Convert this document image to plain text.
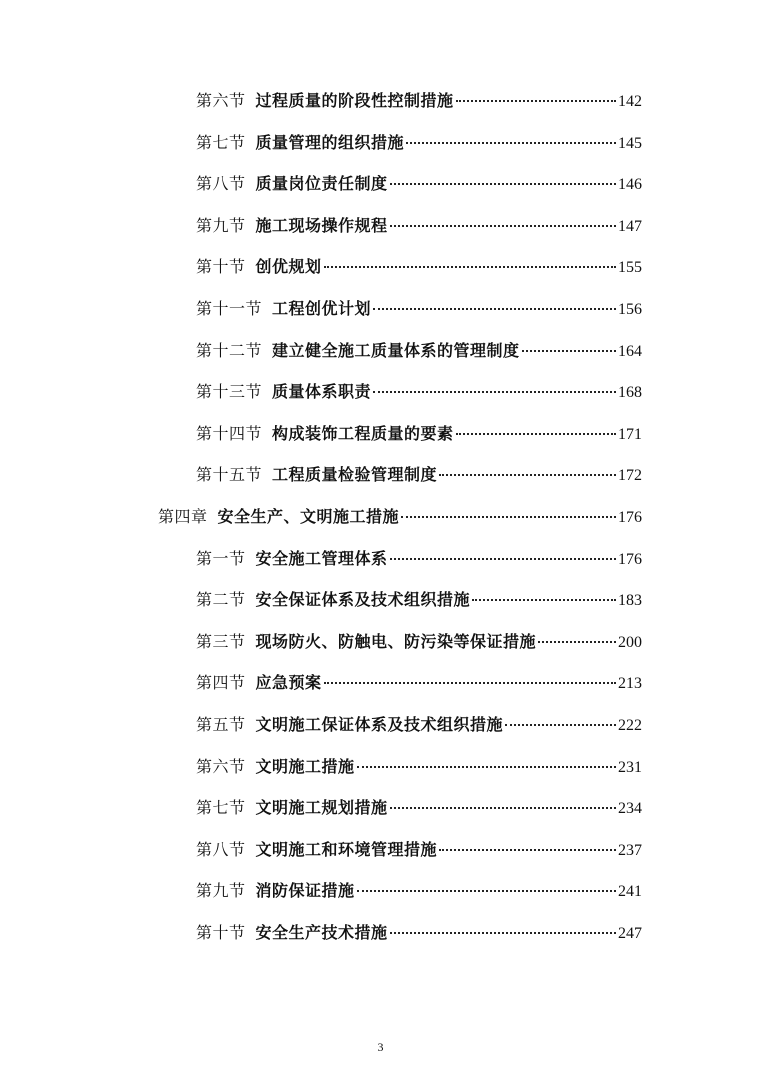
第六节 过程质量的阶段性控制措施	142
第七节 质量管理的组织措施	145
第八节 质量岗位责任制度	146
第九节 施工现场操作规程	147
第十节 创优规划	155
第十一节 工程创优计划	156
第十二节 建立健全施工质量体系的管理制度	164
第十三节 质量体系职责	168
第十四节 构成装饰工程质量的要素	171
第十五节 工程质量检验管理制度	172
第四章 安全生产、文明施工措施	176
第一节 安全施工管理体系	176
第二节 安全保证体系及技术组织措施	183
第三节 现场防火、防触电、防污染等保证措施	200
第四节 应急预案	213
第五节 文明施工保证体系及技术组织措施	222
第六节 文明施工措施	231
第七节 文明施工规划措施	234
第八节 文明施工和环境管理措施	237
第九节 消防保证措施	241
第十节 安全生产技术措施	247
3
